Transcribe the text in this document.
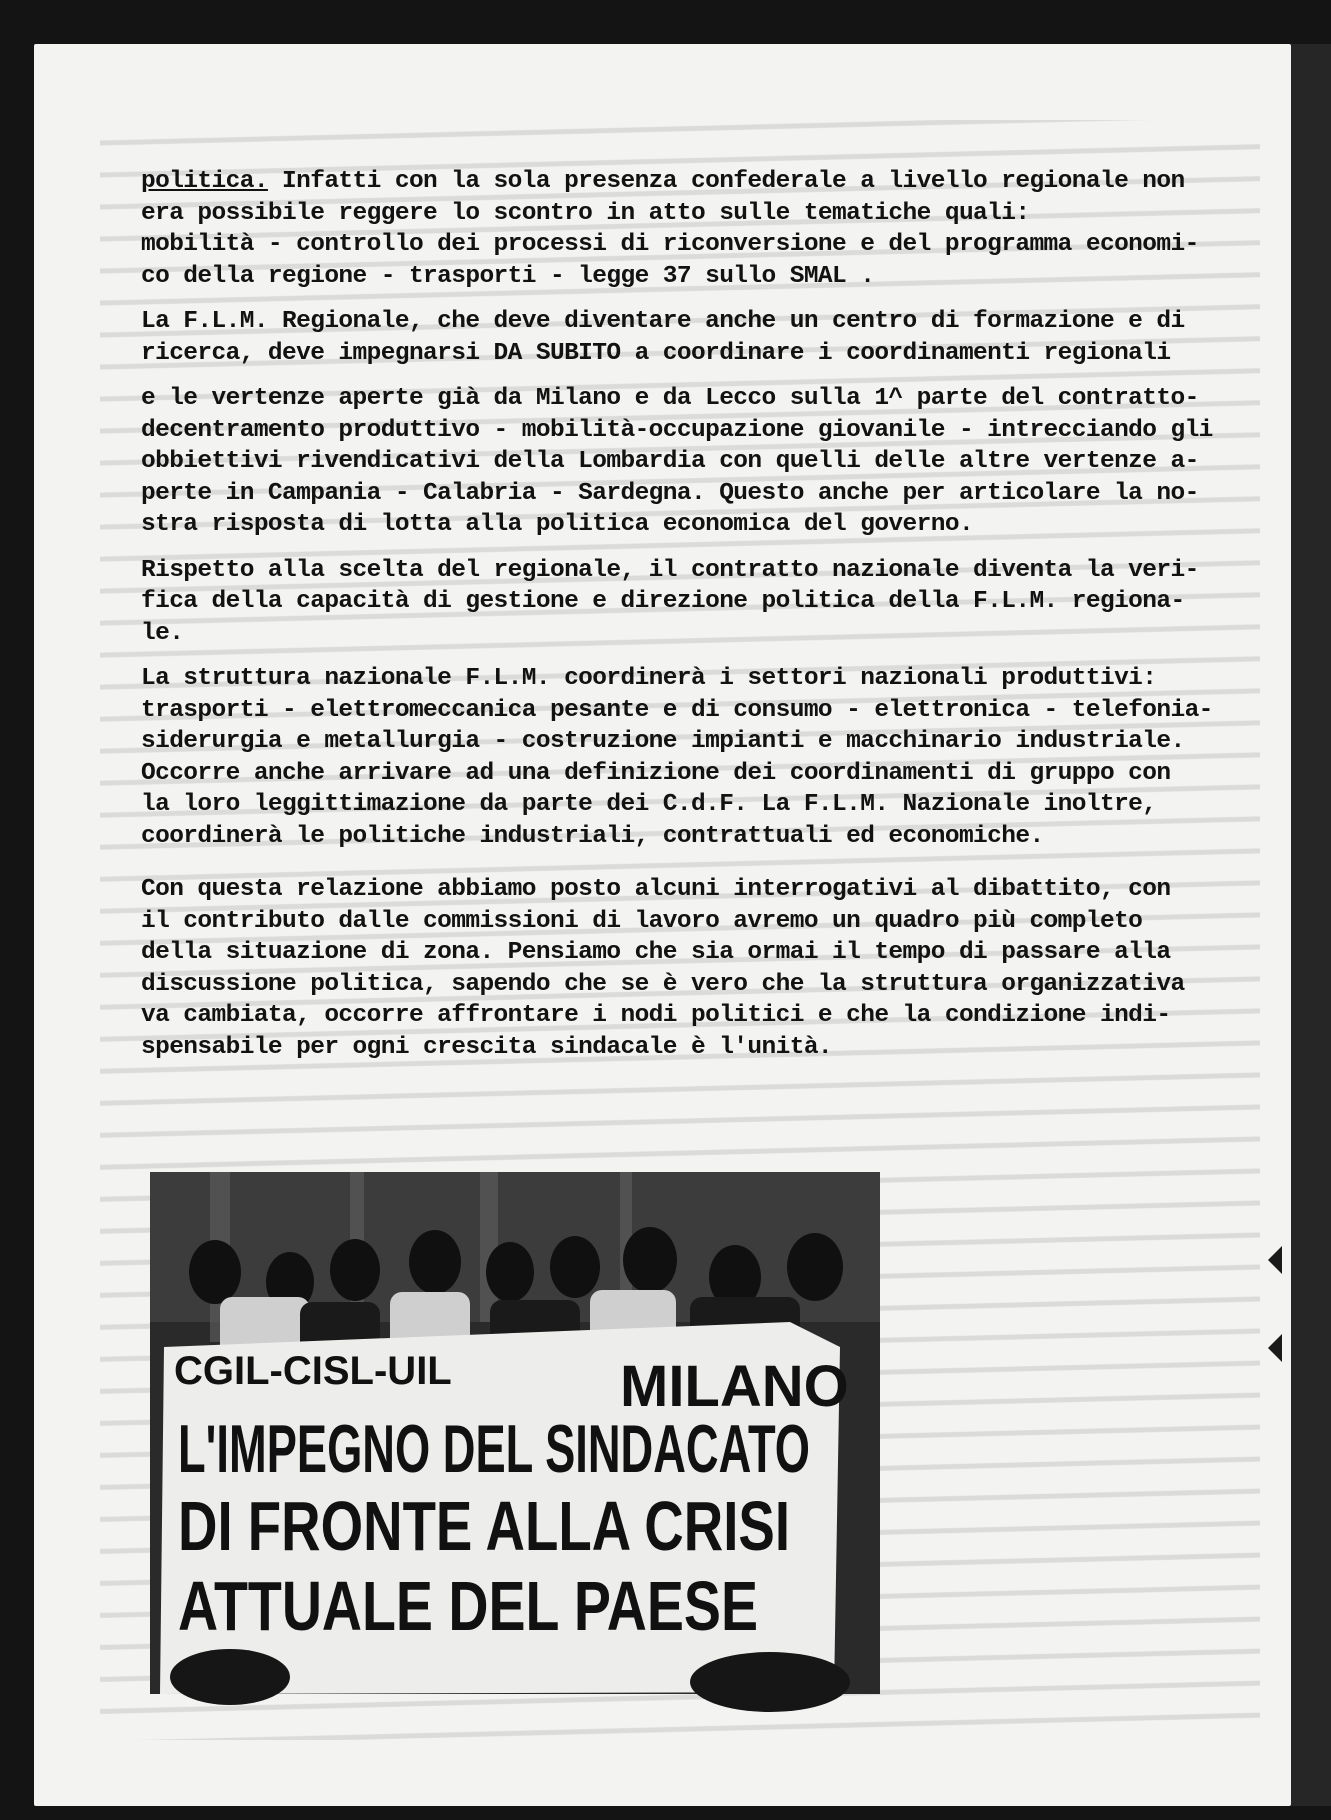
politica. Infatti con la sola presenza confederale a livello regionale non
era possibile reggere lo scontro in atto sulle tematiche quali:
mobilità - controllo dei processi di riconversione e del programma economi-
co della regione - trasporti - legge 37 sullo SMAL .
La F.L.M. Regionale, che deve diventare anche un centro di formazione e di
ricerca, deve impegnarsi DA SUBITO a coordinare i coordinamenti regionali
e le vertenze aperte già da Milano e da Lecco sulla 1^ parte del contratto-
decentramento produttivo - mobilità-occupazione giovanile - intrecciando gli
obbiettivi rivendicativi della Lombardia con quelli delle altre vertenze a-
perte in Campania - Calabria - Sardegna. Questo anche per articolare la no-
stra risposta di lotta alla politica economica del governo.
Rispetto alla scelta del regionale, il contratto nazionale diventa la veri-
fica della capacità di gestione e direzione politica della F.L.M. regiona-
le.
La struttura nazionale F.L.M. coordinerà i settori nazionali produttivi:
trasporti - elettromeccanica pesante e di consumo - elettronica - telefonia-
siderurgia e metallurgia - costruzione impianti e macchinario industriale.
Occorre anche arrivare ad una definizione dei coordinamenti di gruppo con
la loro leggittimazione da parte dei C.d.F. La F.L.M. Nazionale inoltre,
coordinerà le politiche industriali, contrattuali ed economiche.
Con questa relazione abbiamo posto alcuni interrogativi al dibattito, con
il contributo dalle commissioni di lavoro avremo un quadro più completo
della situazione di zona. Pensiamo che sia ormai il tempo di passare alla
discussione politica, sapendo che se è vero che la struttura organizzativa
va cambiata, occorre affrontare i nodi politici e che la condizione indi-
spensabile per ogni crescita sindacale è l'unità.
CGIL-CISL-UIL	MILANO
L'IMPEGNO DEL SINDACATO
DI FRONTE ALLA CRISI
ATTUALE DEL PAESE
